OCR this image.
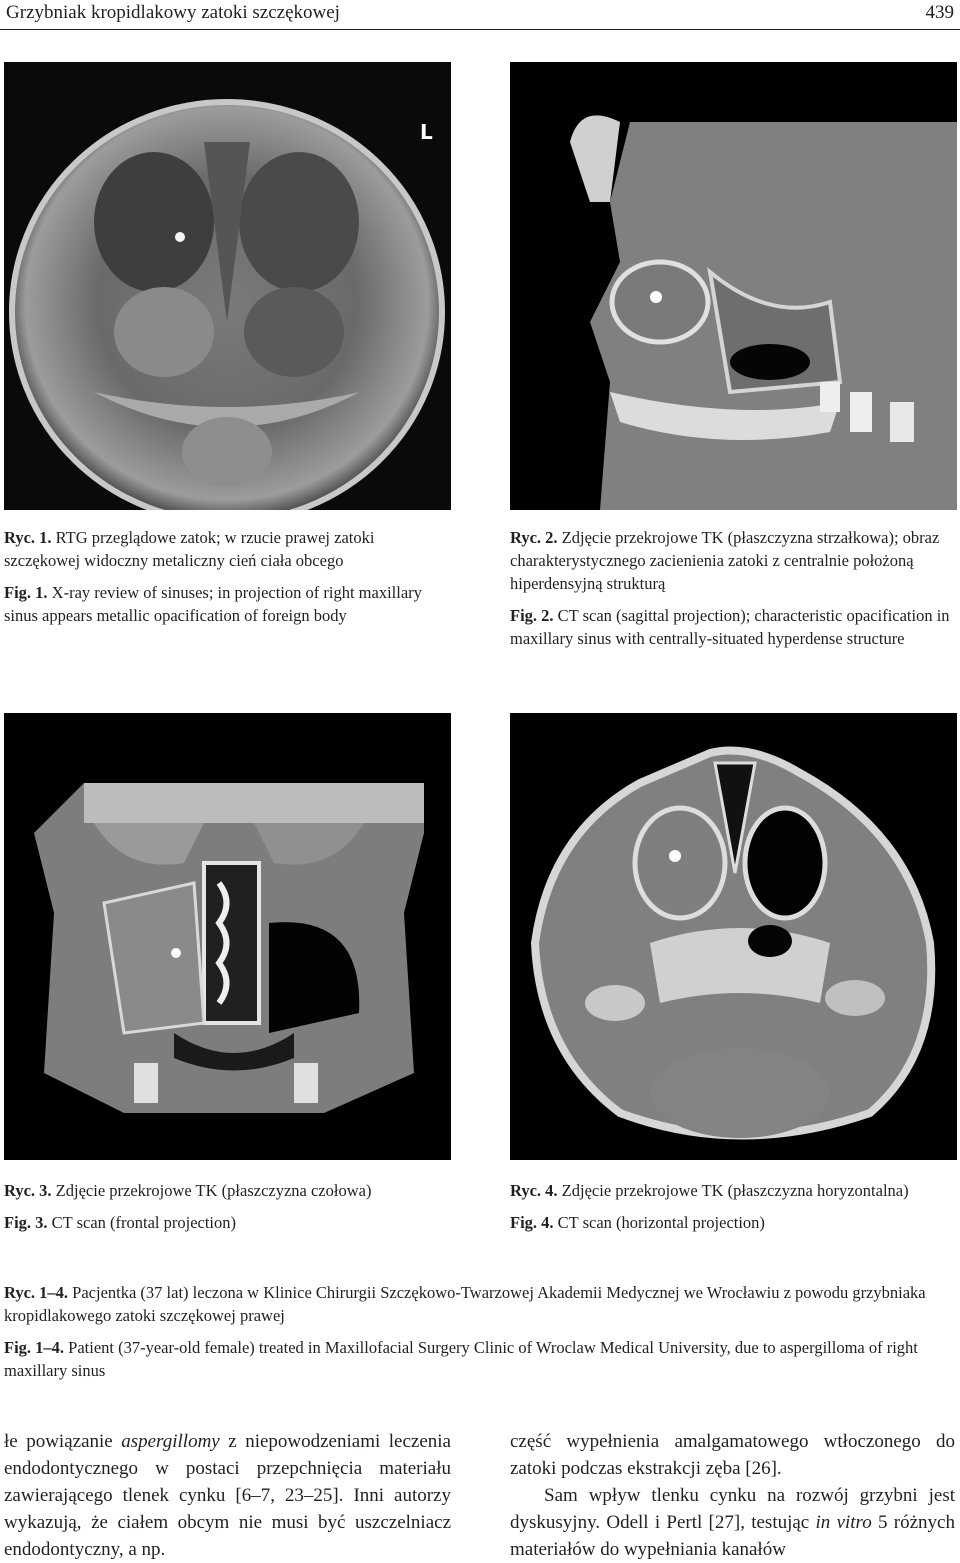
Grzybniak kropidlakowy zatoki szczękowej	439
L

Ryc. 1. RTG przeglądowe zatok; w rzucie prawej zatoki szczękowej widoczny metaliczny cień ciała obcego

Fig. 1. X-ray review of sinuses; in projection of right maxillary sinus appears metallic opacification of foreign body

Ryc. 2. Zdjęcie przekrojowe TK (płaszczyzna strzałkowa); obraz charakterystycznego zacienienia zatoki z centralnie położoną hiperdensyjną strukturą

Fig. 2. CT scan (sagittal projection); characteristic opacification in maxillary sinus with centrally-situated hyperdense structure

Ryc. 3. Zdjęcie przekrojowe TK (płaszczyzna czołowa)

Fig. 3. CT scan (frontal projection)

Ryc. 4. Zdjęcie przekrojowe TK (płaszczyzna horyzontalna)

Fig. 4. CT scan (horizontal projection)

Ryc. 1–4. Pacjentka (37 lat) leczona w Klinice Chirurgii Szczękowo-Twarzowej Akademii Medycznej we Wrocławiu z powodu grzybniaka kropidlakowego zatoki szczękowej prawej

Fig. 1–4. Patient (37-year-old female) treated in Maxillofacial Surgery Clinic of Wroclaw Medical University, due to aspergilloma of right maxillary sinus

łe powiązanie aspergillomy z niepowodzeniami leczenia endodontycznego w postaci przepchnięcia materiału zawierającego tlenek cynku [6–7, 23–25]. Inni autorzy wykazują, że ciałem obcym nie musi być uszczelniacz endodontyczny, a np.

część wypełnienia amalgamatowego wtłoczonego do zatoki podczas ekstrakcji zęba [26].

Sam wpływ tlenku cynku na rozwój grzybni jest dyskusyjny. Odell i Pertl [27], testując in vitro 5 różnych materiałów do wypełniania kanałów
